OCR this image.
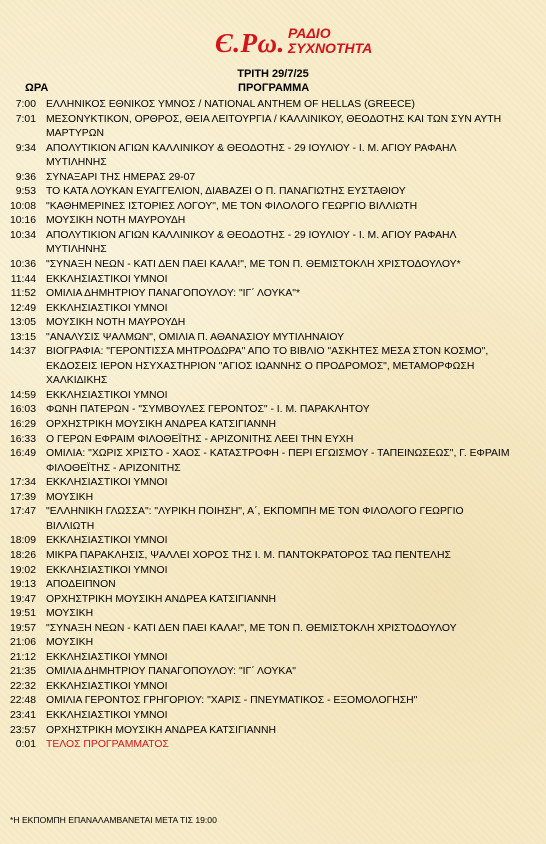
Є.Ρω. ΡΑΔΙΟ
ΣΥΧΝΟΤΗΤΑ
ΤΡΙΤΗ 29/7/25
ΩΡΑ	ΠΡΟΓΡΑΜΜΑ
7:00 ΕΛΛΗΝΙΚΟΣ ΕΘΝΙΚΟΣ ΥΜΝΟΣ / NATIONAL ANTHEM OF HELLAS (GREECE)
7:01 ΜΕΣΟΝΥΚΤΙΚΟΝ, ΟΡΘΡΟΣ, ΘΕΙΑ ΛΕΙΤΟΥΡΓΙΑ / ΚΑΛΛΙΝΙΚΟΥ, ΘΕΟΔΟΤΗΣ ΚΑΙ ΤΩΝ ΣΥΝ ΑΥΤΗ
ΜΑΡΤΥΡΩΝ
9:34 ΑΠΟΛΥΤΙΚΙΟΝ ΑΓΙΩΝ ΚΑΛΛΙΝΙΚΟΥ & ΘΕΟΔΟΤΗΣ - 29 ΙΟΥΛΙΟΥ - Ι. Μ. ΑΓΙΟΥ ΡΑΦΑΗΛ
ΜΥΤΙΛΗΝΗΣ
9:36 ΣΥΝΑΞΑΡΙ ΤΗΣ ΗΜΕΡΑΣ 29-07
9:53 ΤΟ ΚΑΤΑ ΛΟΥΚΑΝ ΕΥΑΓΓΕΛΙΟΝ, ΔΙΑΒΑΖΕΙ Ο Π. ΠΑΝΑΓΙΩΤΗΣ ΕΥΣΤΑΘΙΟΥ
10:08 "ΚΑΘΗΜΕΡΙΝΕΣ ΙΣΤΟΡΙΕΣ ΛΟΓΟΥ", ΜΕ ΤΟΝ ΦΙΛΟΛΟΓΟ ΓΕΩΡΓΙΟ ΒΙΛΛΙΩΤΗ
10:16 ΜΟΥΣΙΚΗ ΝΟΤΗ ΜΑΥΡΟΥΔΗ
10:34 ΑΠΟΛΥΤΙΚΙΟΝ ΑΓΙΩΝ ΚΑΛΛΙΝΙΚΟΥ & ΘΕΟΔΟΤΗΣ - 29 ΙΟΥΛΙΟΥ - Ι. Μ. ΑΓΙΟΥ ΡΑΦΑΗΛ
ΜΥΤΙΛΗΝΗΣ
10:36 "ΣΥΝΑΞΗ ΝΕΩΝ - ΚΑΤΙ ΔΕΝ ΠΑΕΙ ΚΑΛΑ!", ΜΕ ΤΟΝ Π. ΘΕΜΙΣΤΟΚΛΗ ΧΡΙΣΤΟΔΟΥΛΟΥ*
11:44 ΕΚΚΛΗΣΙΑΣΤΙΚΟΙ ΥΜΝΟΙ
11:52 ΟΜΙΛΙΑ ΔΗΜΗΤΡΙΟΥ ΠΑΝΑΓΟΠΟΥΛΟΥ: "ΙΓ΄ ΛΟΥΚΑ"*
12:49 ΕΚΚΛΗΣΙΑΣΤΙΚΟΙ ΥΜΝΟΙ
13:05 ΜΟΥΣΙΚΗ ΝΟΤΗ ΜΑΥΡΟΥΔΗ
13:15 "ΑΝΑΛΥΣΙΣ ΨΑΛΜΩΝ", ΟΜΙΛΙΑ Π. ΑΘΑΝΑΣΙΟΥ ΜΥΤΙΛΗΝΑΙΟΥ
14:37 ΒΙΟΓΡΑΦΙΑ: "ΓΕΡΟΝΤΙΣΣΑ ΜΗΤΡΟΔΩΡΑ" ΑΠΟ ΤΟ ΒΙΒΛΙΟ "ΑΣΚΗΤΕΣ ΜΕΣΑ ΣΤΟΝ ΚΟΣΜΟ",
ΕΚΔΟΣΕΙΣ ΙΕΡΟΝ ΗΣΥΧΑΣΤΗΡΙΟΝ "ΑΓΙΟΣ ΙΩΑΝΝΗΣ Ο ΠΡΟΔΡΟΜΟΣ", ΜΕΤΑΜΟΡΦΩΣΗ
ΧΑΛΚΙΔΙΚΗΣ
14:59 ΕΚΚΛΗΣΙΑΣΤΙΚΟΙ ΥΜΝΟΙ
16:03 ΦΩΝΗ ΠΑΤΕΡΩΝ - "ΣΥΜΒΟΥΛΕΣ ΓΕΡΟΝΤΟΣ" - Ι. Μ. ΠΑΡΑΚΛΗΤΟΥ
16:29 ΟΡΧΗΣΤΡΙΚΗ ΜΟΥΣΙΚΗ ΑΝΔΡΕΑ ΚΑΤΣΙΓΙΑΝΝΗ
16:33 Ο ΓΕΡΩΝ ΕΦΡΑΙΜ ΦΙΛΟΘΕΪΤΗΣ - ΑΡΙΖΟΝΙΤΗΣ ΛΕΕΙ ΤΗΝ ΕΥΧΗ
16:49 ΟΜΙΛΙΑ: "ΧΩΡΙΣ ΧΡΙΣΤΟ - ΧΑΟΣ - ΚΑΤΑΣΤΡΟΦΗ - ΠΕΡΙ ΕΓΩΙΣΜΟΥ - ΤΑΠΕΙΝΩΣΕΩΣ", Γ. ΕΦΡΑΙΜ
ΦΙΛΟΘΕΪΤΗΣ - ΑΡΙΖΟΝΙΤΗΣ
17:34 ΕΚΚΛΗΣΙΑΣΤΙΚΟΙ ΥΜΝΟΙ
17:39 ΜΟΥΣΙΚΗ
17:47 "ΕΛΛΗΝΙΚΗ ΓΛΩΣΣΑ": "ΛΥΡΙΚΗ ΠΟΙΗΣΗ", Α΄, ΕΚΠΟΜΠΗ ΜΕ ΤΟΝ ΦΙΛΟΛΟΓΟ ΓΕΩΡΓΙΟ
ΒΙΛΛΙΩΤΗ
18:09 ΕΚΚΛΗΣΙΑΣΤΙΚΟΙ ΥΜΝΟΙ
18:26 ΜΙΚΡΑ ΠΑΡΑΚΛΗΣΙΣ, ΨΑΛΛΕΙ ΧΟΡΟΣ ΤΗΣ Ι. Μ. ΠΑΝΤΟΚΡΑΤΟΡΟΣ ΤΑΩ ΠΕΝΤΕΛΗΣ
19:02 ΕΚΚΛΗΣΙΑΣΤΙΚΟΙ ΥΜΝΟΙ
19:13 ΑΠΟΔΕΙΠΝΟΝ
19:47 ΟΡΧΗΣΤΡΙΚΗ ΜΟΥΣΙΚΗ ΑΝΔΡΕΑ ΚΑΤΣΙΓΙΑΝΝΗ
19:51 ΜΟΥΣΙΚΗ
19:57 "ΣΥΝΑΞΗ ΝΕΩΝ - ΚΑΤΙ ΔΕΝ ΠΑΕΙ ΚΑΛΑ!", ΜΕ ΤΟΝ Π. ΘΕΜΙΣΤΟΚΛΗ ΧΡΙΣΤΟΔΟΥΛΟΥ
21:06 ΜΟΥΣΙΚΗ
21:12 ΕΚΚΛΗΣΙΑΣΤΙΚΟΙ ΥΜΝΟΙ
21:35 ΟΜΙΛΙΑ ΔΗΜΗΤΡΙΟΥ ΠΑΝΑΓΟΠΟΥΛΟΥ: "ΙΓ΄ ΛΟΥΚΑ"
22:32 ΕΚΚΛΗΣΙΑΣΤΙΚΟΙ ΥΜΝΟΙ
22:48 ΟΜΙΛΙΑ ΓΕΡΟΝΤΟΣ ΓΡΗΓΟΡΙΟΥ: "ΧΑΡΙΣ - ΠΝΕΥΜΑΤΙΚΟΣ - ΕΞΟΜΟΛΟΓΗΣΗ"
23:41 ΕΚΚΛΗΣΙΑΣΤΙΚΟΙ ΥΜΝΟΙ
23:57 ΟΡΧΗΣΤΡΙΚΗ ΜΟΥΣΙΚΗ ΑΝΔΡΕΑ ΚΑΤΣΙΓΙΑΝΝΗ
0:01 ΤΕΛΟΣ ΠΡΟΓΡΑΜΜΑΤΟΣ
*Η ΕΚΠΟΜΠΗ ΕΠΑΝΑΛΑΜΒΑΝΕΤΑΙ ΜΕΤΑ ΤΙΣ 19:00
